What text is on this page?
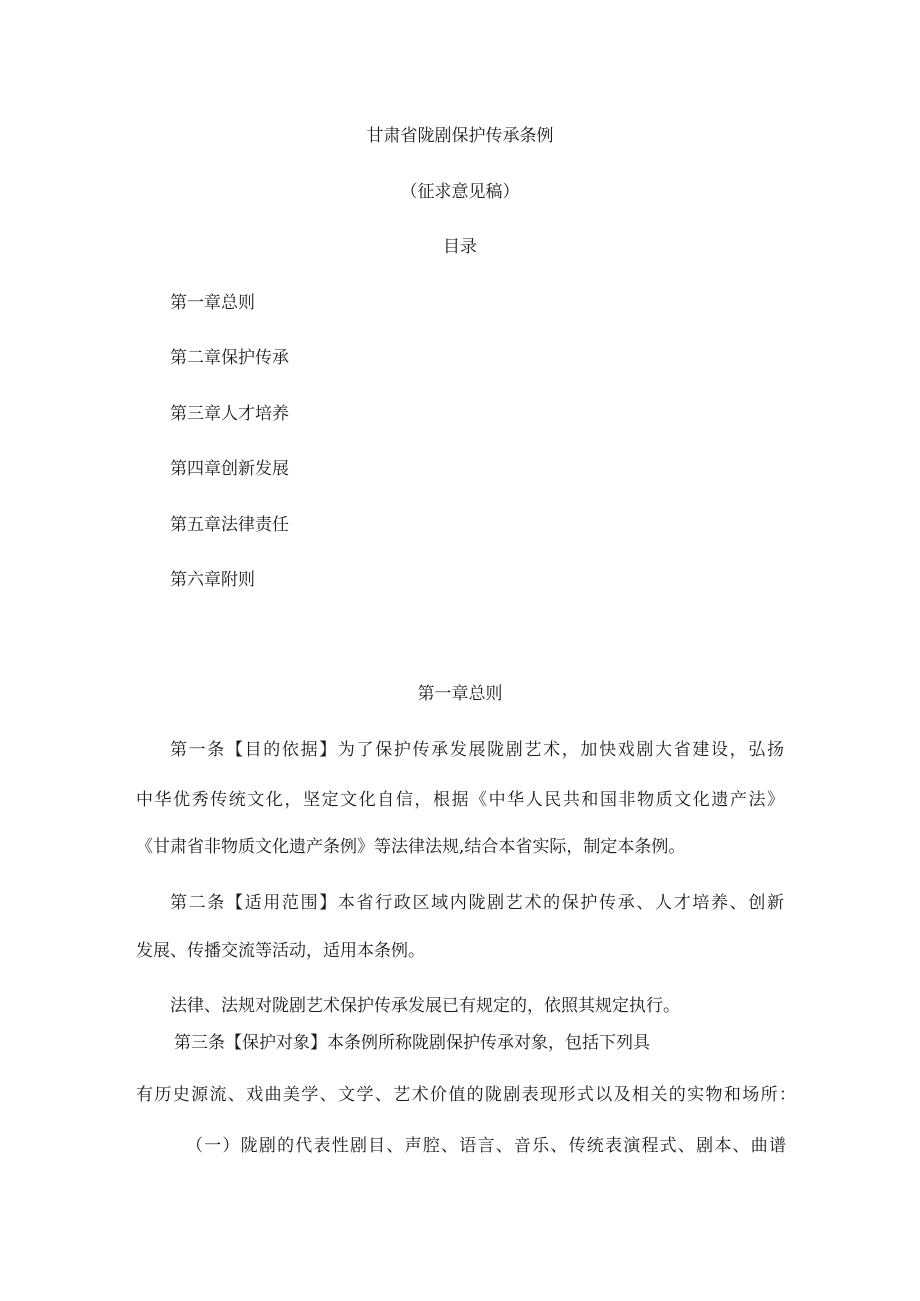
甘肃省陇剧保护传承条例
（征求意见稿）
目录
第一章总则
第二章保护传承
第三章人才培养
第四章创新发展
第五章法律责任
第六章附则
第一章总则
第一条【目的依据】为了保护传承发展陇剧艺术，加快戏剧大省建设，弘扬
中华优秀传统文化，坚定文化自信，根据《中华人民共和国非物质文化遗产法》
《甘肃省非物质文化遗产条例》等法律法规,结合本省实际，制定本条例。
第二条【适用范围】本省行政区域内陇剧艺术的保护传承、人才培养、创新
发展、传播交流等活动，适用本条例。
法律、法规对陇剧艺术保护传承发展已有规定的，依照其规定执行。
第三条【保护对象】本条例所称陇剧保护传承对象，包括下列具
有历史源流、戏曲美学、文学、艺术价值的陇剧表现形式以及相关的实物和场所：
（一）陇剧的代表性剧目、声腔、语言、音乐、传统表演程式、剧本、曲谱
